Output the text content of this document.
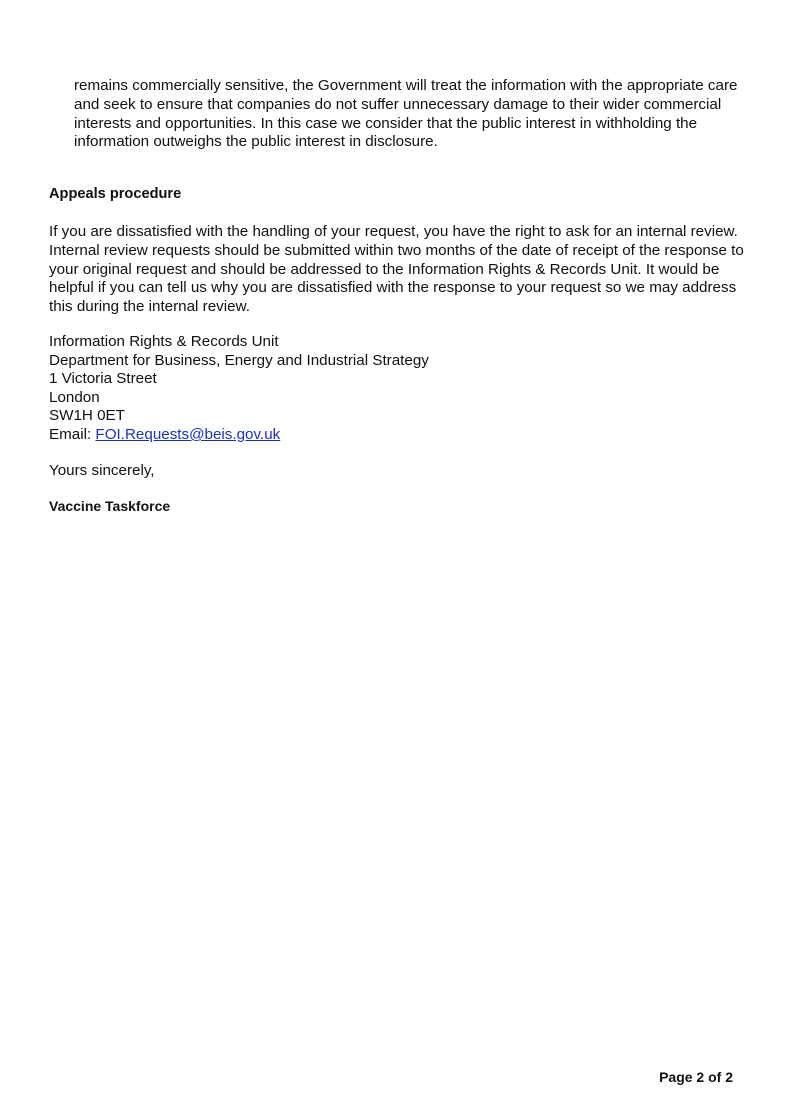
remains commercially sensitive, the Government will treat the information with the appropriate care and seek to ensure that companies do not suffer unnecessary damage to their wider commercial interests and opportunities. In this case we consider that the public interest in withholding the information outweighs the public interest in disclosure.

Appeals procedure

If you are dissatisfied with the handling of your request, you have the right to ask for an internal review. Internal review requests should be submitted within two months of the date of receipt of the response to your original request and should be addressed to the Information Rights & Records Unit. It would be helpful if you can tell us why you are dissatisfied with the response to your request so we may address this during the internal review.

Information Rights & Records Unit
Department for Business, Energy and Industrial Strategy
1 Victoria Street
London
SW1H 0ET
Email: FOI.Requests@beis.gov.uk

Yours sincerely,

Vaccine Taskforce

Page 2 of 2
